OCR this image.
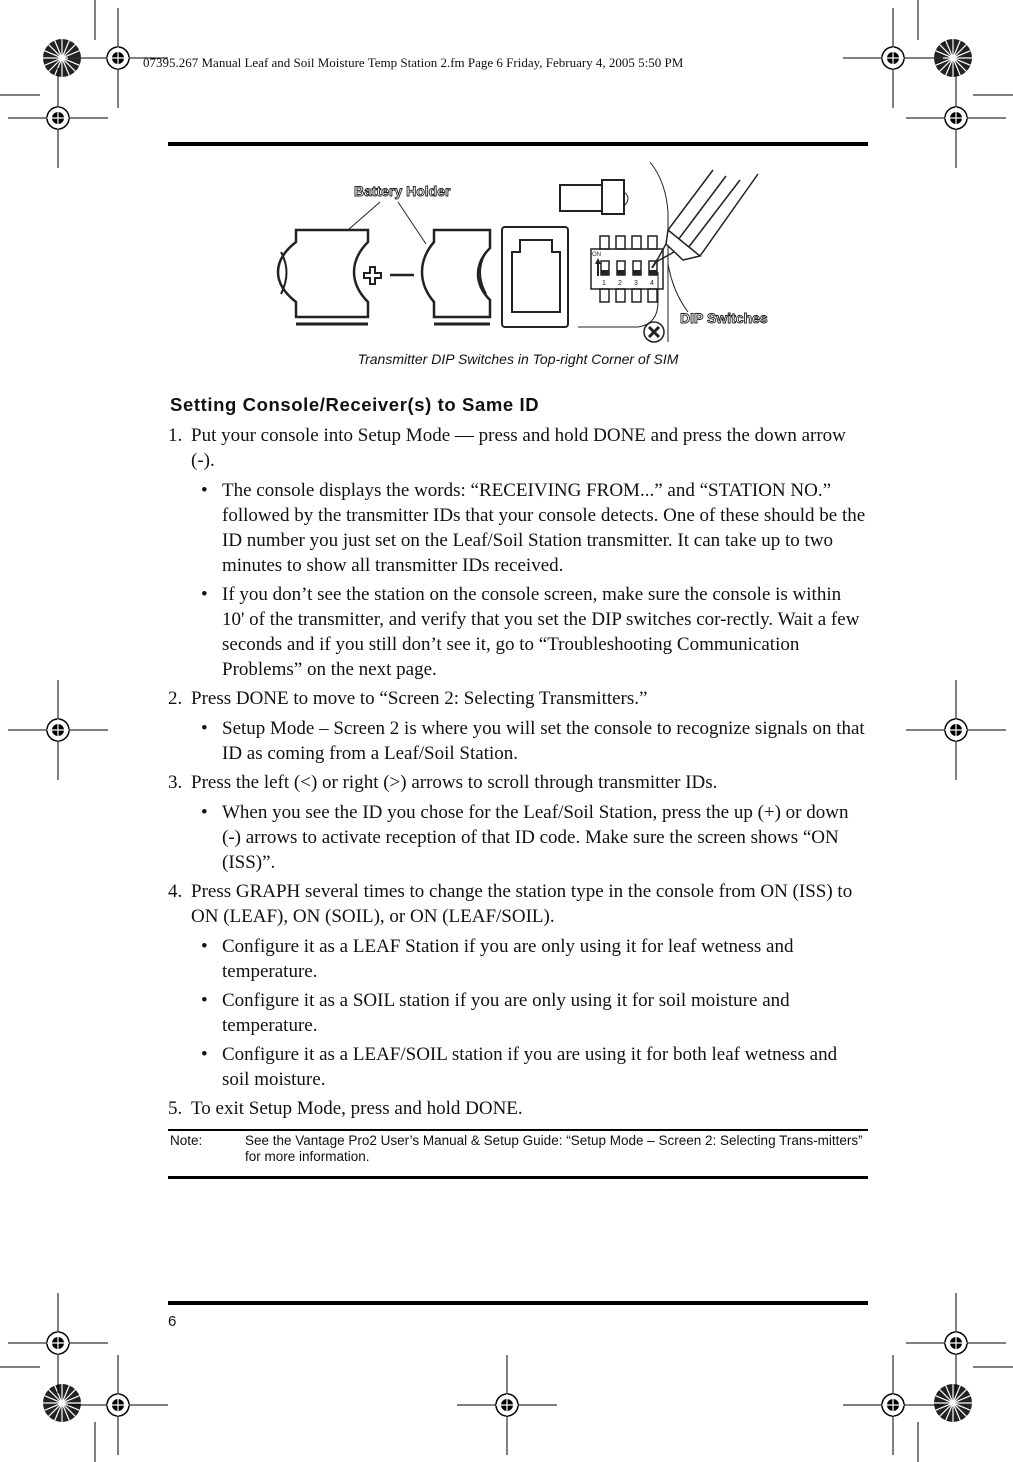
07395.267 Manual Leaf and Soil Moisture Temp Station 2.fm Page 6 Friday, February 4, 2005 5:50 PM
Battery Holder
ON
1 2 3 4
DIP Switches
Transmitter DIP Switches in Top-right Corner of SIM
Setting Console/Receiver(s) to Same ID
1. Put your console into Setup Mode — press and hold DONE and press the down arrow (-).
• The console displays the words: “RECEIVING FROM...” and “STATION NO.” followed by the transmitter IDs that your console detects. One of these should be the ID number you just set on the Leaf/Soil Station transmitter. It can take up to two minutes to show all transmitter IDs received.
• If you don’t see the station on the console screen, make sure the console is within 10' of the transmitter, and verify that you set the DIP switches cor-rectly. Wait a few seconds and if you still don’t see it, go to “Troubleshooting Communication Problems” on the next page.
2. Press DONE to move to “Screen 2: Selecting Transmitters.”
• Setup Mode – Screen 2 is where you will set the console to recognize signals on that ID as coming from a Leaf/Soil Station.
3. Press the left (<) or right (>) arrows to scroll through transmitter IDs.
• When you see the ID you chose for the Leaf/Soil Station, press the up (+) or down (-) arrows to activate reception of that ID code. Make sure the screen shows “ON (ISS)”.
4. Press GRAPH several times to change the station type in the console from ON (ISS) to ON (LEAF), ON (SOIL), or ON (LEAF/SOIL).
• Configure it as a LEAF Station if you are only using it for leaf wetness and temperature.
• Configure it as a SOIL station if you are only using it for soil moisture and temperature.
• Configure it as a LEAF/SOIL station if you are using it for both leaf wetness and soil moisture.
5. To exit Setup Mode, press and hold DONE.
Note:	See the Vantage Pro2 User’s Manual & Setup Guide: “Setup Mode – Screen 2: Selecting Trans-mitters” for more information.
6
